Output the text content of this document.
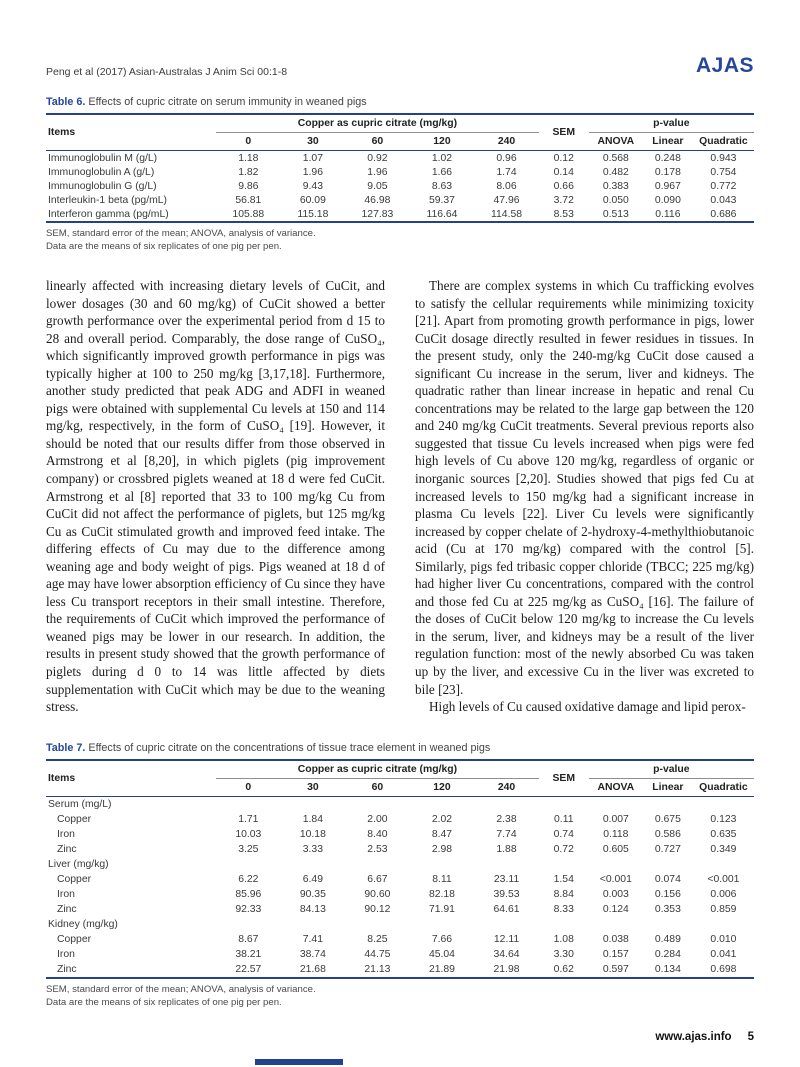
Peng et al (2017) Asian-Australas J Anim Sci 00:1-8	AJAS
Table 6. Effects of cupric citrate on serum immunity in weaned pigs
Items	Copper as cupric citrate (mg/kg)					SEM	p-value		
	0	30	60	120	240		ANOVA	Linear	Quadratic
Immunoglobulin M (g/L)	1.18	1.07	0.92	1.02	0.96	0.12	0.568	0.248	0.943
Immunoglobulin A (g/L)	1.82	1.96	1.96	1.66	1.74	0.14	0.482	0.178	0.754
Immunoglobulin G (g/L)	9.86	9.43	9.05	8.63	8.06	0.66	0.383	0.967	0.772
Interleukin-1 beta (pg/mL)	56.81	60.09	46.98	59.37	47.96	3.72	0.050	0.090	0.043
Interferon gamma (pg/mL)	105.88	115.18	127.83	116.64	114.58	8.53	0.513	0.116	0.686
SEM, standard error of the mean; ANOVA, analysis of variance.
Data are the means of six replicates of one pig per pen.

linearly affected with increasing dietary levels of CuCit, and lower dosages (30 and 60 mg/kg) of CuCit showed a better growth performance over the experimental period from d 15 to 28 and overall period. Comparably, the dose range of CuSO₄, which significantly improved growth performance in pigs was typically higher at 100 to 250 mg/kg [3,17,18]. Furthermore, another study predicted that peak ADG and ADFI in weaned pigs were obtained with supplemental Cu levels at 150 and 114 mg/kg, respectively, in the form of CuSO₄ [19]. However, it should be noted that our results differ from those observed in Armstrong et al [8,20], in which piglets (pig improvement company) or crossbred piglets weaned at 18 d were fed CuCit. Armstrong et al [8] reported that 33 to 100 mg/kg Cu from CuCit did not affect the performance of piglets, but 125 mg/kg Cu as CuCit stimulated growth and improved feed intake. The differing effects of Cu may due to the difference among weaning age and body weight of pigs. Pigs weaned at 18 d of age may have lower absorption efficiency of Cu since they have less Cu transport receptors in their small intestine. Therefore, the requirements of CuCit which improved the performance of weaned pigs may be lower in our research. In addition, the results in present study showed that the growth performance of piglets during d 0 to 14 was little affected by diets supplementation with CuCit which may be due to the weaning stress.

There are complex systems in which Cu trafficking evolves to satisfy the cellular requirements while minimizing toxicity [21]. Apart from promoting growth performance in pigs, lower CuCit dosage directly resulted in fewer residues in tissues. In the present study, only the 240-mg/kg CuCit dose caused a significant Cu increase in the serum, liver and kidneys. The quadratic rather than linear increase in hepatic and renal Cu concentrations may be related to the large gap between the 120 and 240 mg/kg CuCit treatments. Several previous reports also suggested that tissue Cu levels increased when pigs were fed high levels of Cu above 120 mg/kg, regardless of organic or inorganic sources [2,20]. Studies showed that pigs fed Cu at increased levels to 150 mg/kg had a significant increase in plasma Cu levels [22]. Liver Cu levels were significantly increased by copper chelate of 2-hydroxy-4-methylthiobutanoic acid (Cu at 170 mg/kg) compared with the control [5]. Similarly, pigs fed tribasic copper chloride (TBCC; 225 mg/kg) had higher liver Cu concentrations, compared with the control and those fed Cu at 225 mg/kg as CuSO₄ [16]. The failure of the doses of CuCit below 120 mg/kg to increase the Cu levels in the serum, liver, and kidneys may be a result of the liver regulation function: most of the newly absorbed Cu was taken up by the liver, and excessive Cu in the liver was excreted to bile [23].

High levels of Cu caused oxidative damage and lipid perox-

Table 7. Effects of cupric citrate on the concentrations of tissue trace element in weaned pigs
Items	Copper as cupric citrate (mg/kg)					SEM	p-value		
	0	30	60	120	240		ANOVA	Linear	Quadratic
Serum (mg/L)									
Copper	1.71	1.84	2.00	2.02	2.38	0.11	0.007	0.675	0.123
Iron	10.03	10.18	8.40	8.47	7.74	0.74	0.118	0.586	0.635
Zinc	3.25	3.33	2.53	2.98	1.88	0.72	0.605	0.727	0.349
Liver (mg/kg)									
Copper	6.22	6.49	6.67	8.11	23.11	1.54	<0.001	0.074	<0.001
Iron	85.96	90.35	90.60	82.18	39.53	8.84	0.003	0.156	0.006
Zinc	92.33	84.13	90.12	71.91	64.61	8.33	0.124	0.353	0.859
Kidney (mg/kg)									
Copper	8.67	7.41	8.25	7.66	12.11	1.08	0.038	0.489	0.010
Iron	38.21	38.74	44.75	45.04	34.64	3.30	0.157	0.284	0.041
Zinc	22.57	21.68	21.13	21.89	21.98	0.62	0.597	0.134	0.698
SEM, standard error of the mean; ANOVA, analysis of variance.
Data are the means of six replicates of one pig per pen.
www.ajas.info 5
